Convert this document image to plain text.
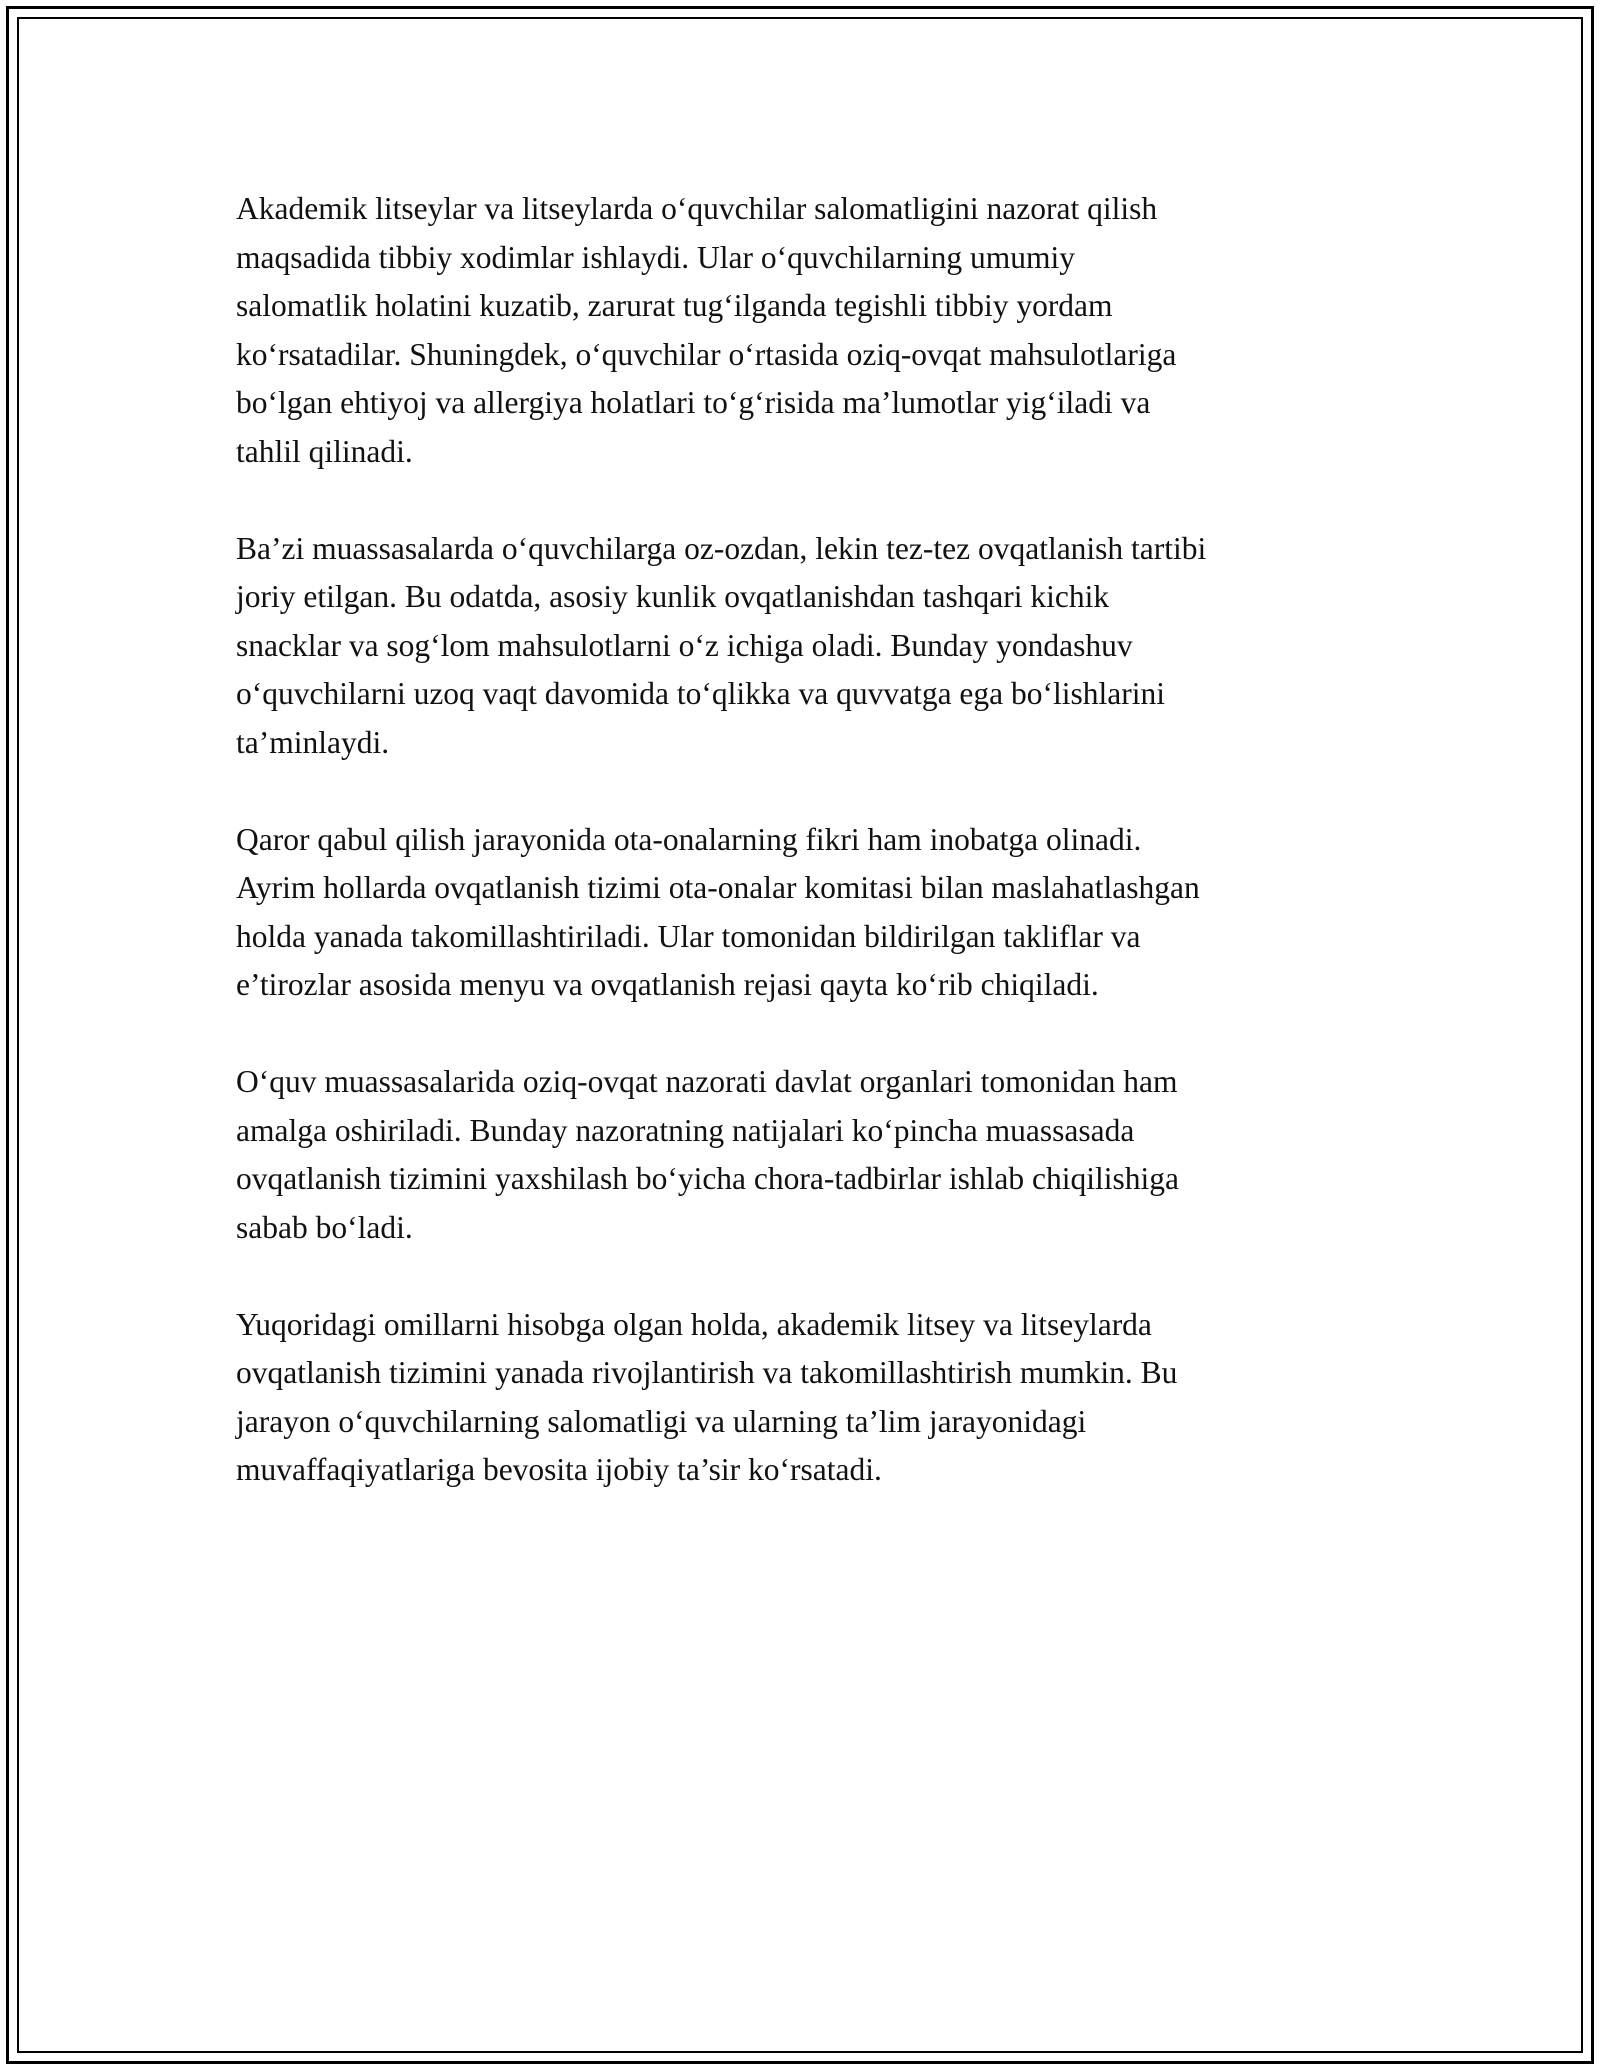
Akademik litseylar va litseylarda o‘quvchilar salomatligini nazorat qilish
maqsadida tibbiy xodimlar ishlaydi. Ular o‘quvchilarning umumiy
salomatlik holatini kuzatib, zarurat tug‘ilganda tegishli tibbiy yordam
ko‘rsatadilar. Shuningdek, o‘quvchilar o‘rtasida oziq-ovqat mahsulotlariga
bo‘lgan ehtiyoj va allergiya holatlari to‘g‘risida ma’lumotlar yig‘iladi va
tahlil qilinadi.

Ba’zi muassasalarda o‘quvchilarga oz-ozdan, lekin tez-tez ovqatlanish tartibi
joriy etilgan. Bu odatda, asosiy kunlik ovqatlanishdan tashqari kichik
snacklar va sog‘lom mahsulotlarni o‘z ichiga oladi. Bunday yondashuv
o‘quvchilarni uzoq vaqt davomida to‘qlikka va quvvatga ega bo‘lishlarini
ta’minlaydi.

Qaror qabul qilish jarayonida ota-onalarning fikri ham inobatga olinadi.
Ayrim hollarda ovqatlanish tizimi ota-onalar komitasi bilan maslahatlashgan
holda yanada takomillashtiriladi. Ular tomonidan bildirilgan takliflar va
e’tirozlar asosida menyu va ovqatlanish rejasi qayta ko‘rib chiqiladi.

O‘quv muassasalarida oziq-ovqat nazorati davlat organlari tomonidan ham
amalga oshiriladi. Bunday nazoratning natijalari ko‘pincha muassasada
ovqatlanish tizimini yaxshilash bo‘yicha chora-tadbirlar ishlab chiqilishiga
sabab bo‘ladi.

Yuqoridagi omillarni hisobga olgan holda, akademik litsey va litseylarda
ovqatlanish tizimini yanada rivojlantirish va takomillashtirish mumkin. Bu
jarayon o‘quvchilarning salomatligi va ularning ta’lim jarayonidagi
muvaffaqiyatlariga bevosita ijobiy ta’sir ko‘rsatadi.
